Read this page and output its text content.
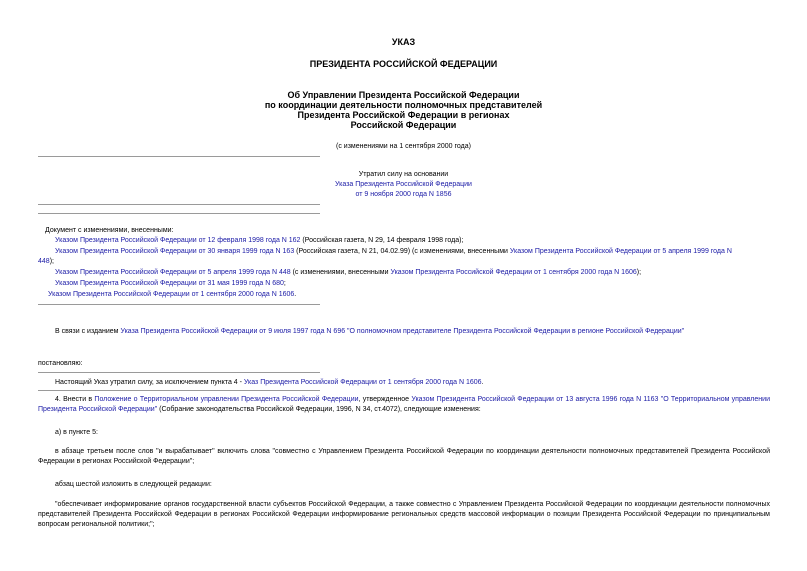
УКАЗ
ПРЕЗИДЕНТА РОССИЙСКОЙ ФЕДЕРАЦИИ
Об Управлении Президента Российской Федерации
по координации деятельности полномочных представителей
Президента Российской Федерации в регионах
Российской Федерации
(с изменениями на 1 сентября 2000 года)
Утратил силу на основании
Указа Президента Российской Федерации
от 9 ноября 2000 года N 1856
Документ с изменениями, внесенными:
Указом Президента Российской Федерации от 12 февраля 1998 года N 162 (Российская газета, N 29, 14 февраля 1998 года);
Указом Президента Российской Федерации от 30 января 1999 года N 163 (Российская газета, N 21, 04.02.99) (с изменениями, внесенными Указом Президента Российской Федерации от 5 апреля 1999 года N
448);
Указом Президента Российской Федерации от 5 апреля 1999 года N 448 (с изменениями, внесенными Указом Президента Российской Федерации от 1 сентября 2000 года N 1606);
Указом Президента Российской Федерации от 31 мая 1999 года N 680;
Указом Президента Российской Федерации от 1 сентября 2000 года N 1606.
В связи с изданием Указа Президента Российской Федерации от 9 июля 1997 года N 696 "О полномочном представителе Президента Российской Федерации в регионе Российской Федерации"
постановляю:
Настоящий Указ утратил силу, за исключением пункта 4 - Указ Президента Российской Федерации от 1 сентября 2000 года N 1606.
4. Внести в Положение о Территориальном управлении Президента Российской Федерации, утвержденное Указом Президента Российской Федерации от 13 августа 1996 года N 1163 "О Территориальном управлении Президента Российской Федерации" (Собрание законодательства Российской Федерации, 1996, N 34, ст.4072), следующие изменения:
а) в пункте 5:
в абзаце третьем после слов "и вырабатывает" включить слова "совместно с Управлением Президента Российской Федерации по координации деятельности полномочных представителей Президента Российской Федерации в регионах Российской Федерации";
абзац шестой изложить в следующей редакции:
"обеспечивает информирование органов государственной власти субъектов Российской Федерации, а также совместно с Управлением Президента Российской Федерации по координации деятельности полномочных представителей Президента Российской Федерации в регионах Российской Федерации информирование региональных средств массовой информации о позиции Президента Российской Федерации по принципиальным вопросам региональной политики;";
